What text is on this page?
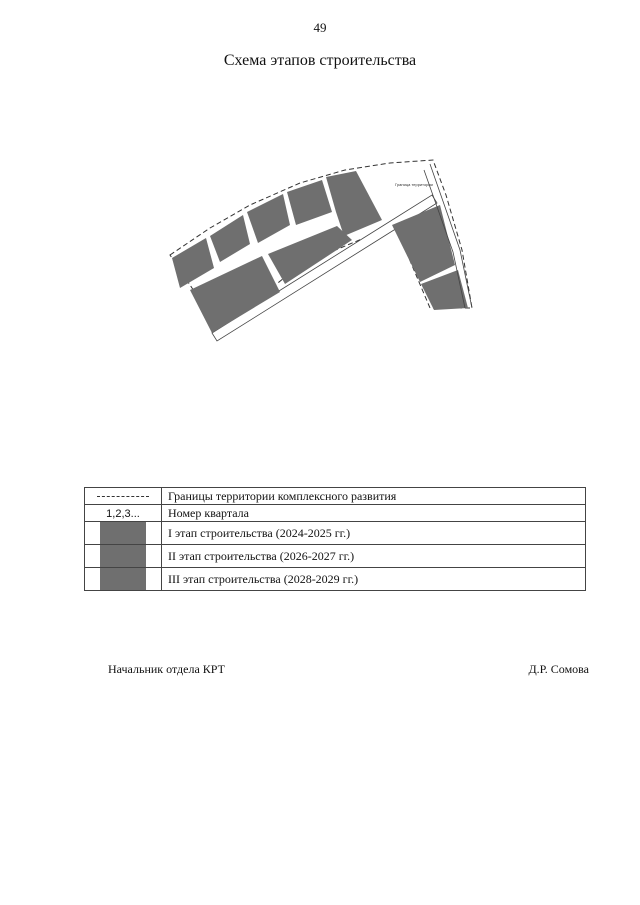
49
Схема этапов строительства
Граница территории
	Границы территории комплексного развития
1,2,3...	Номер квартала

	I этап строительства (2024-2025 гг.)

	II этап строительства (2026-2027 гг.)

	III этап строительства (2028-2029 гг.)
Начальник отдела КРТ	Д.Р. Сомова
